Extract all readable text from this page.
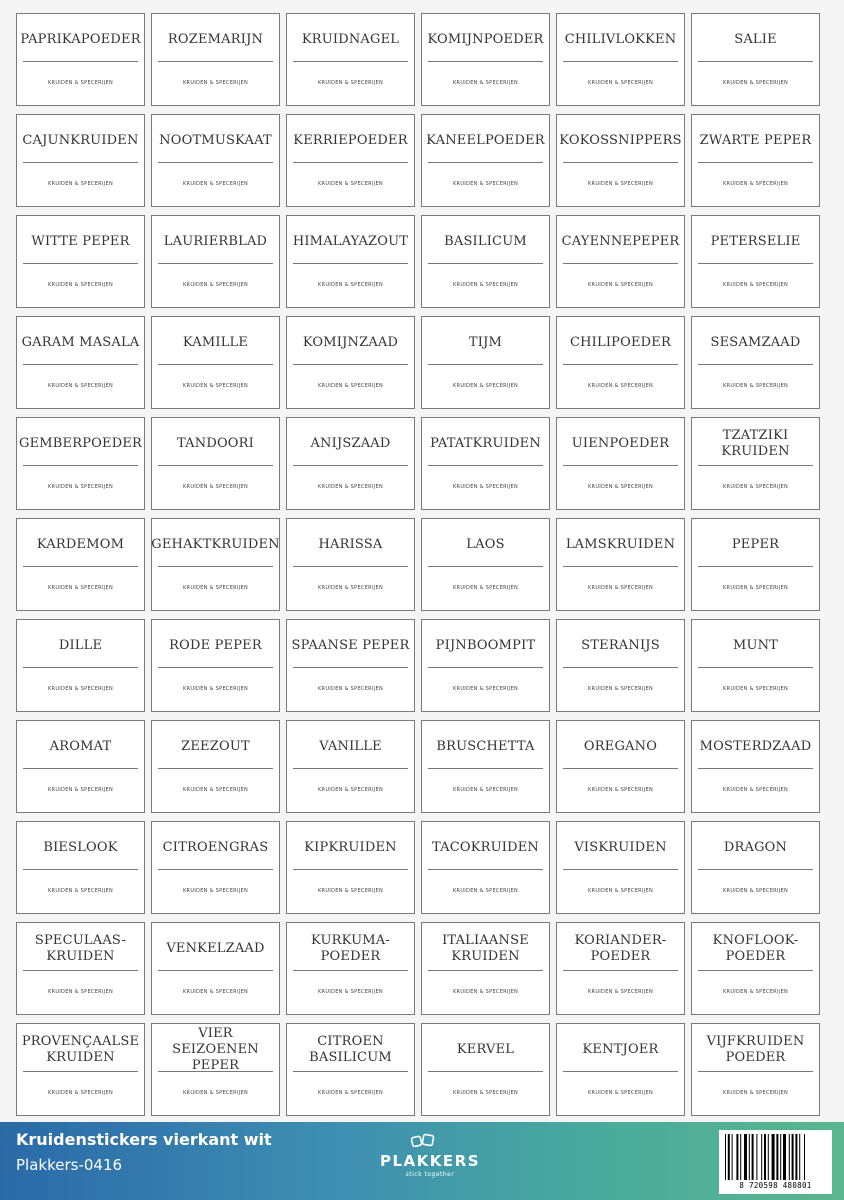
PAPRIKAPOEDER
KRUIDEN & SPECERIJEN
ROZEMARIJN
KRUIDEN & SPECERIJEN
KRUIDNAGEL
KRUIDEN & SPECERIJEN
KOMIJNPOEDER
KRUIDEN & SPECERIJEN
CHILIVLOKKEN
KRUIDEN & SPECERIJEN
SALIE
KRUIDEN & SPECERIJEN
CAJUNKRUIDEN
KRUIDEN & SPECERIJEN
NOOTMUSKAAT
KRUIDEN & SPECERIJEN
KERRIEPOEDER
KRUIDEN & SPECERIJEN
KANEELPOEDER
KRUIDEN & SPECERIJEN
KOKOSSNIPPERS
KRUIDEN & SPECERIJEN
ZWARTE PEPER
KRUIDEN & SPECERIJEN
WITTE PEPER
KRUIDEN & SPECERIJEN
LAURIERBLAD
KRUIDEN & SPECERIJEN
HIMALAYAZOUT
KRUIDEN & SPECERIJEN
BASILICUM
KRUIDEN & SPECERIJEN
CAYENNEPEPER
KRUIDEN & SPECERIJEN
PETERSELIE
KRUIDEN & SPECERIJEN
GARAM MASALA
KRUIDEN & SPECERIJEN
KAMILLE
KRUIDEN & SPECERIJEN
KOMIJNZAAD
KRUIDEN & SPECERIJEN
TIJM
KRUIDEN & SPECERIJEN
CHILIPOEDER
KRUIDEN & SPECERIJEN
SESAMZAAD
KRUIDEN & SPECERIJEN
GEMBERPOEDER
KRUIDEN & SPECERIJEN
TANDOORI
KRUIDEN & SPECERIJEN
ANIJSZAAD
KRUIDEN & SPECERIJEN
PATATKRUIDEN
KRUIDEN & SPECERIJEN
UIENPOEDER
KRUIDEN & SPECERIJEN
TZATZIKI KRUIDEN
KRUIDEN & SPECERIJEN
KARDEMOM
KRUIDEN & SPECERIJEN
GEHAKTKRUIDEN
KRUIDEN & SPECERIJEN
HARISSA
KRUIDEN & SPECERIJEN
LAOS
KRUIDEN & SPECERIJEN
LAMSKRUIDEN
KRUIDEN & SPECERIJEN
PEPER
KRUIDEN & SPECERIJEN
DILLE
KRUIDEN & SPECERIJEN
RODE PEPER
KRUIDEN & SPECERIJEN
SPAANSE PEPER
KRUIDEN & SPECERIJEN
PIJNBOOMPIT
KRUIDEN & SPECERIJEN
STERANIJS
KRUIDEN & SPECERIJEN
MUNT
KRUIDEN & SPECERIJEN
AROMAT
KRUIDEN & SPECERIJEN
ZEEZOUT
KRUIDEN & SPECERIJEN
VANILLE
KRUIDEN & SPECERIJEN
BRUSCHETTA
KRUIDEN & SPECERIJEN
OREGANO
KRUIDEN & SPECERIJEN
MOSTERDZAAD
KRUIDEN & SPECERIJEN
BIESLOOK
KRUIDEN & SPECERIJEN
CITROENGRAS
KRUIDEN & SPECERIJEN
KIPKRUIDEN
KRUIDEN & SPECERIJEN
TACOKRUIDEN
KRUIDEN & SPECERIJEN
VISKRUIDEN
KRUIDEN & SPECERIJEN
DRAGON
KRUIDEN & SPECERIJEN
SPECULAAS-
KRUIDEN
KRUIDEN & SPECERIJEN
VENKELZAAD
KRUIDEN & SPECERIJEN
KURKUMA-
POEDER
KRUIDEN & SPECERIJEN
ITALIAANSE
KRUIDEN
KRUIDEN & SPECERIJEN
KORIANDER-
POEDER
KRUIDEN & SPECERIJEN
KNOFLOOK-
POEDER
KRUIDEN & SPECERIJEN
PROVENÇAALSE
KRUIDEN
KRUIDEN & SPECERIJEN
VIER SEIZOENEN
PEPER
KRUIDEN & SPECERIJEN
CITROEN
BASILICUM
KRUIDEN & SPECERIJEN
KERVEL
KRUIDEN & SPECERIJEN
KENTJOER
KRUIDEN & SPECERIJEN
VIJFKRUIDEN
POEDER
KRUIDEN & SPECERIJEN
Kruidenstickers vierkant wit
Plakkers-0416	PLAKKERS
stick together
8 720598 480801
